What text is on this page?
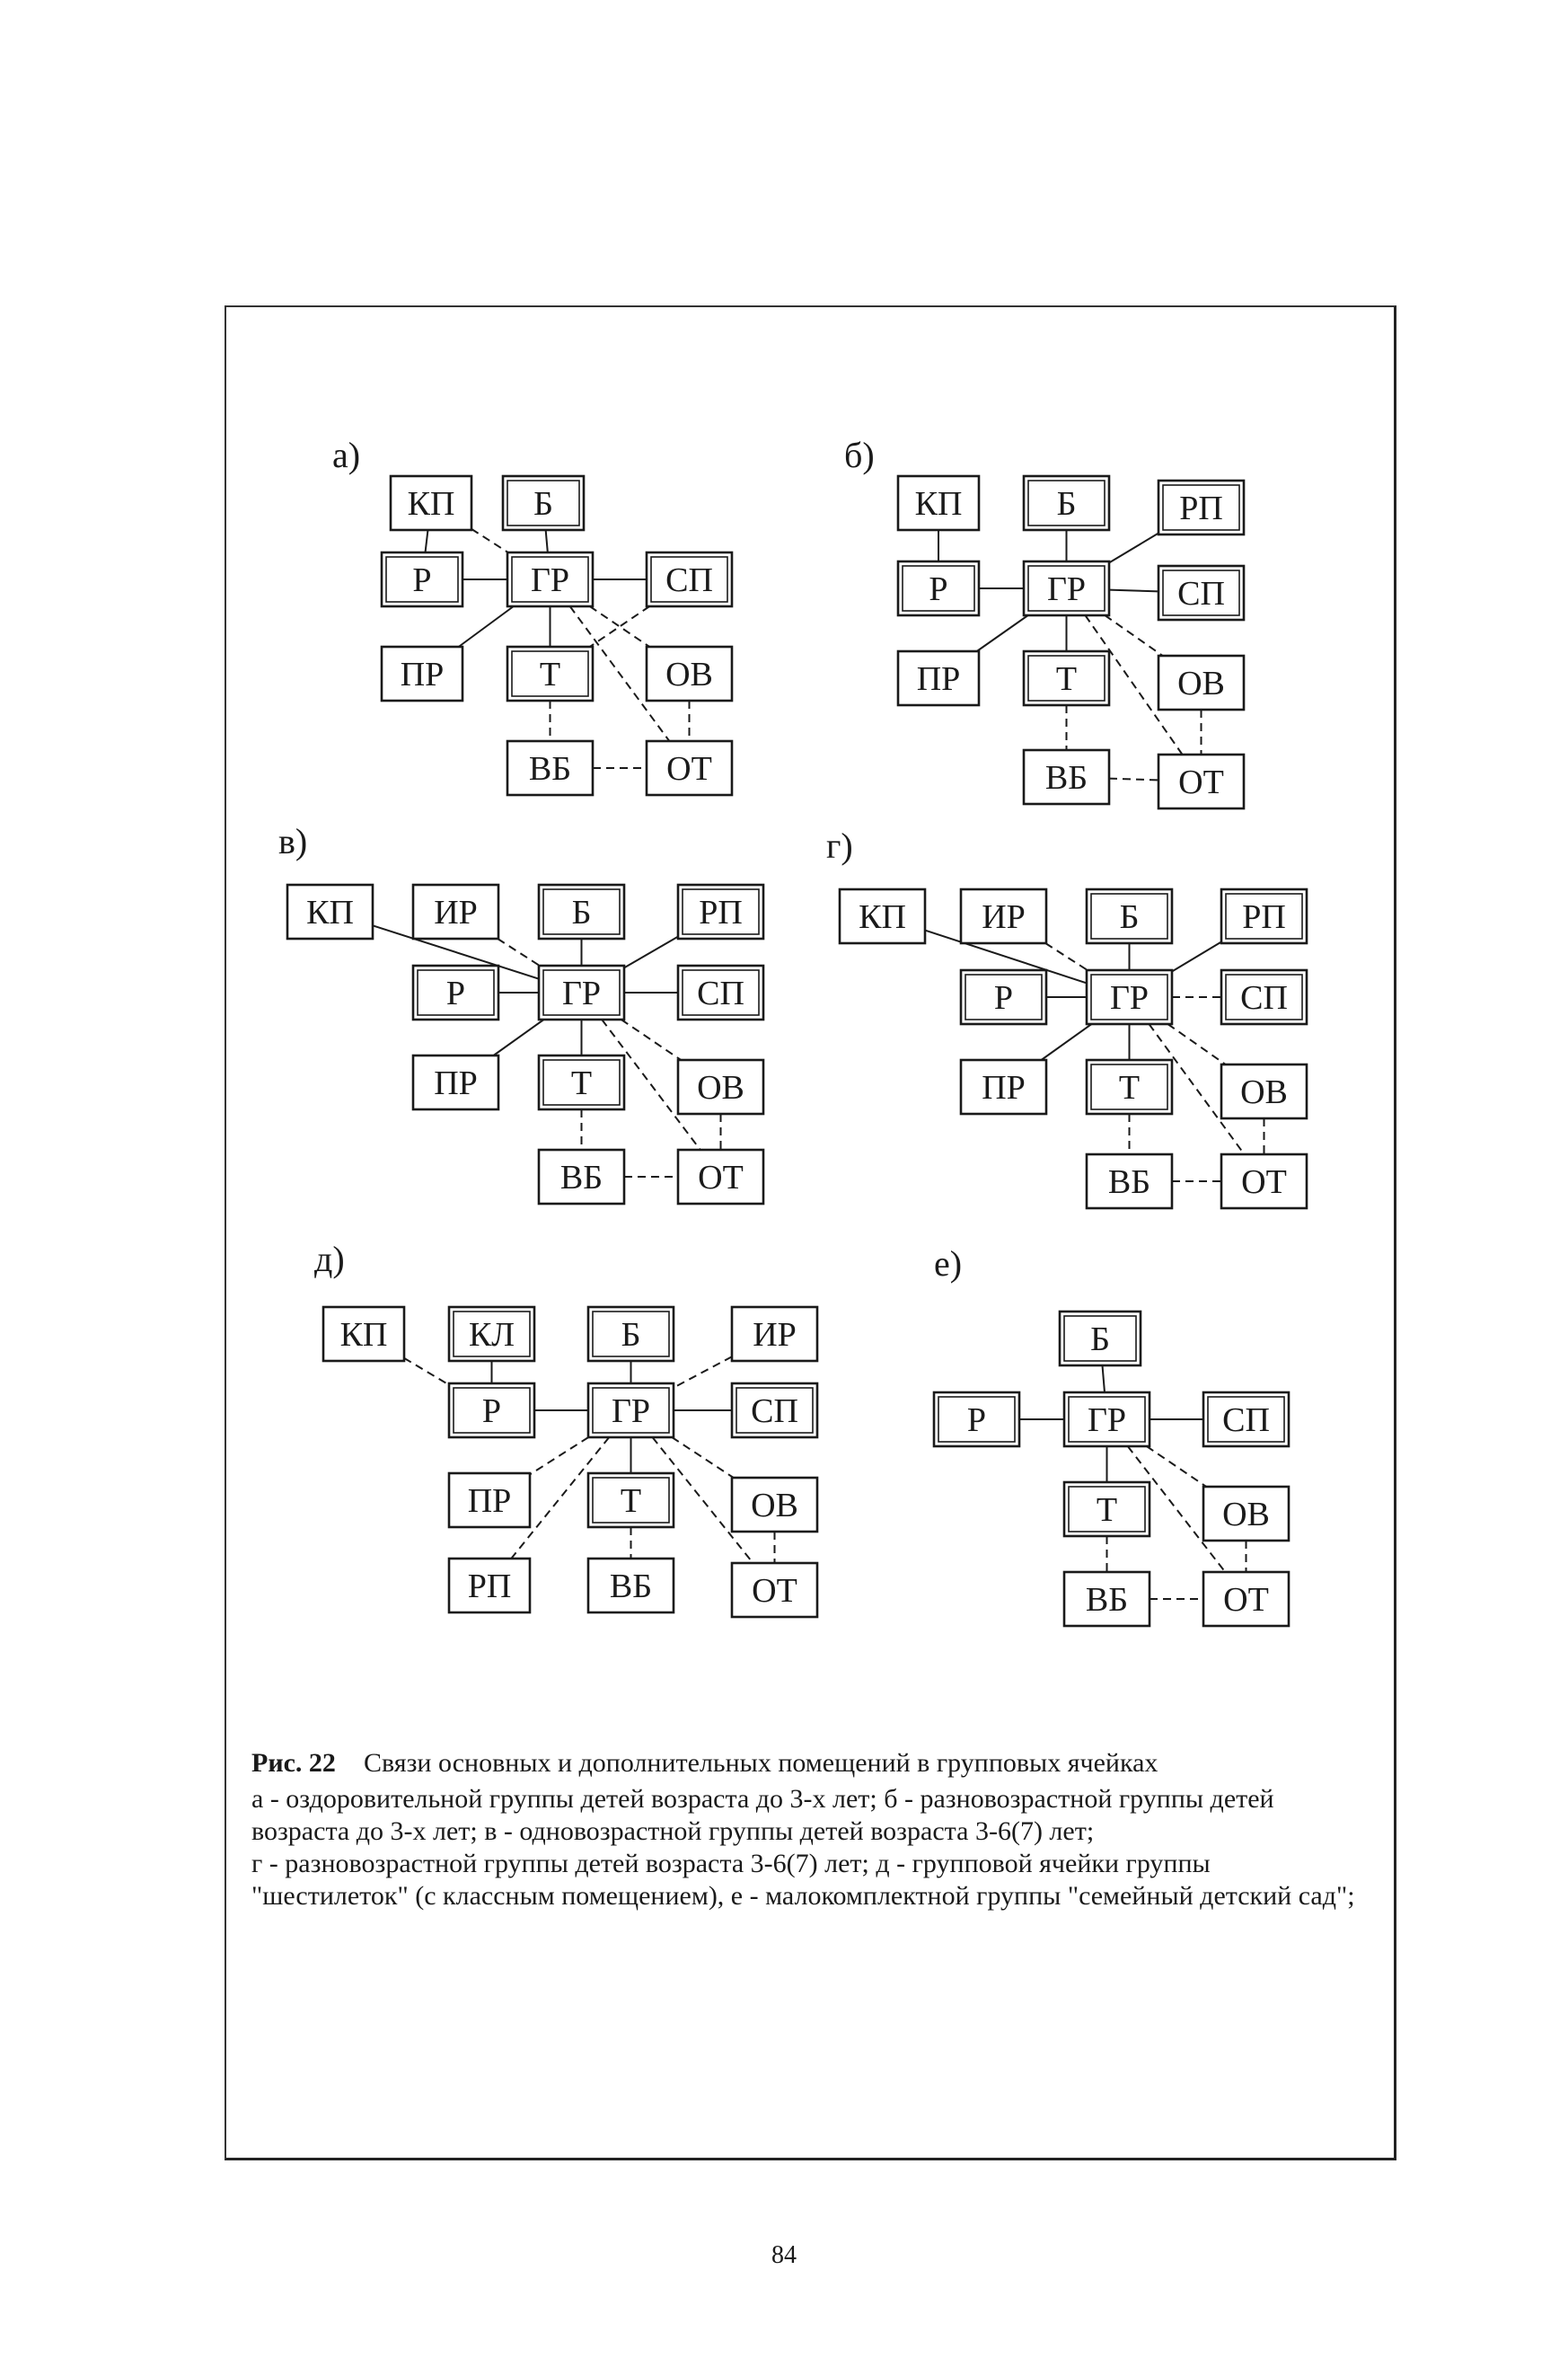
а)
КП Б
Р	ГР	СП
ПР	Т	ОВ
ВБ	ОТ
б)
КП	Б	РП
Р	ГР	СП
ПР	Т	ОВ
ВБ	ОТ
в)
КП ИР	Б	РП
Р	ГР	СП
ПР	Т	ОВ
ВБ	ОТ
г)
КП ИР	Б	РП
Р	ГР	СП
ПР	Т	ОВ
ВБ	ОТ
д)
КП КЛ	Б	ИР
Р	ГР	СП
ПР	Т	ОВ
РП	ВБ	ОТ
е)
Б
Р	ГР	СП
Т	ОВ
ВБ	ОТ
Рис. 22	Связи основных и дополнительных помещений в групповых ячейках
а - оздоровительной группы детей возраста до 3-х лет; б - разновозрастной группы детей возраста до 3-х лет; в - одновозрастной группы детей возраста 3-6(7) лет;
г - разновозрастной группы детей возраста 3-6(7) лет; д - групповой ячейки группы "шестилеток" (с классным помещением), е - малокомплектной группы "семейный детский сад";
84
